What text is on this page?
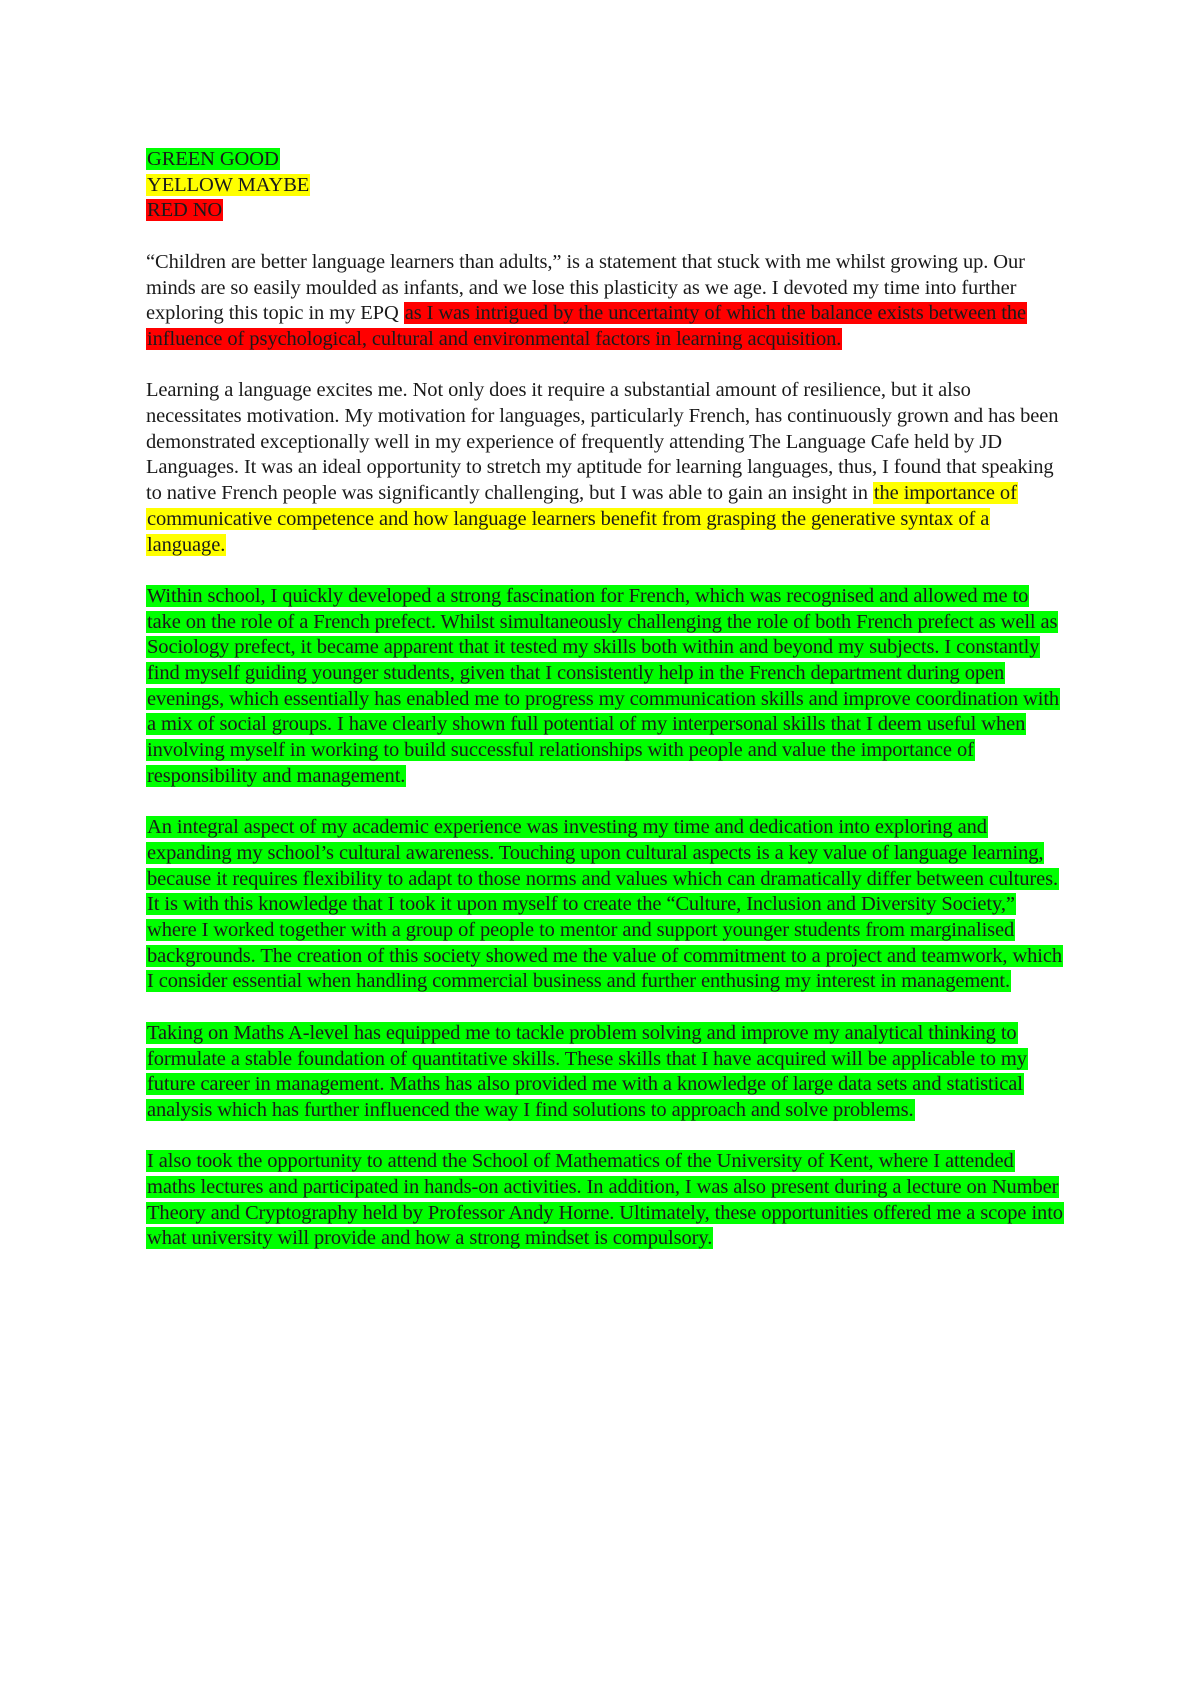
GREEN GOOD
YELLOW MAYBE
RED NO

“Children are better language learners than adults,” is a statement that stuck with me whilst growing up. Our minds are so easily moulded as infants, and we lose this plasticity as we age. I devoted my time into further exploring this topic in my EPQ as I was intrigued by the uncertainty of which the balance exists between the influence of psychological, cultural and environmental factors in learning acquisition.

Learning a language excites me. Not only does it require a substantial amount of resilience, but it also necessitates motivation. My motivation for languages, particularly French, has continuously grown and has been demonstrated exceptionally well in my experience of frequently attending The Language Cafe held by JD Languages. It was an ideal opportunity to stretch my aptitude for learning languages, thus, I found that speaking to native French people was significantly challenging, but I was able to gain an insight in the importance of communicative competence and how language learners benefit from grasping the generative syntax of a language.

Within school, I quickly developed a strong fascination for French, which was recognised and allowed me to take on the role of a French prefect. Whilst simultaneously challenging the role of both French prefect as well as Sociology prefect, it became apparent that it tested my skills both within and beyond my subjects. I constantly find myself guiding younger students, given that I consistently help in the French department during open evenings, which essentially has enabled me to progress my communication skills and improve coordination with a mix of social groups. I have clearly shown full potential of my interpersonal skills that I deem useful when involving myself in working to build successful relationships with people and value the importance of responsibility and management.

An integral aspect of my academic experience was investing my time and dedication into exploring and expanding my school’s cultural awareness. Touching upon cultural aspects is a key value of language learning, because it requires flexibility to adapt to those norms and values which can dramatically differ between cultures. It is with this knowledge that I took it upon myself to create the “Culture, Inclusion and Diversity Society,” where I worked together with a group of people to mentor and support younger students from marginalised backgrounds. The creation of this society showed me the value of commitment to a project and teamwork, which I consider essential when handling commercial business and further enthusing my interest in management.

Taking on Maths A-level has equipped me to tackle problem solving and improve my analytical thinking to formulate a stable foundation of quantitative skills. These skills that I have acquired will be applicable to my future career in management. Maths has also provided me with a knowledge of large data sets and statistical analysis which has further influenced the way I find solutions to approach and solve problems.

I also took the opportunity to attend the School of Mathematics of the University of Kent, where I attended maths lectures and participated in hands-on activities. In addition, I was also present during a lecture on Number Theory and Cryptography held by Professor Andy Horne. Ultimately, these opportunities offered me a scope into what university will provide and how a strong mindset is compulsory.
